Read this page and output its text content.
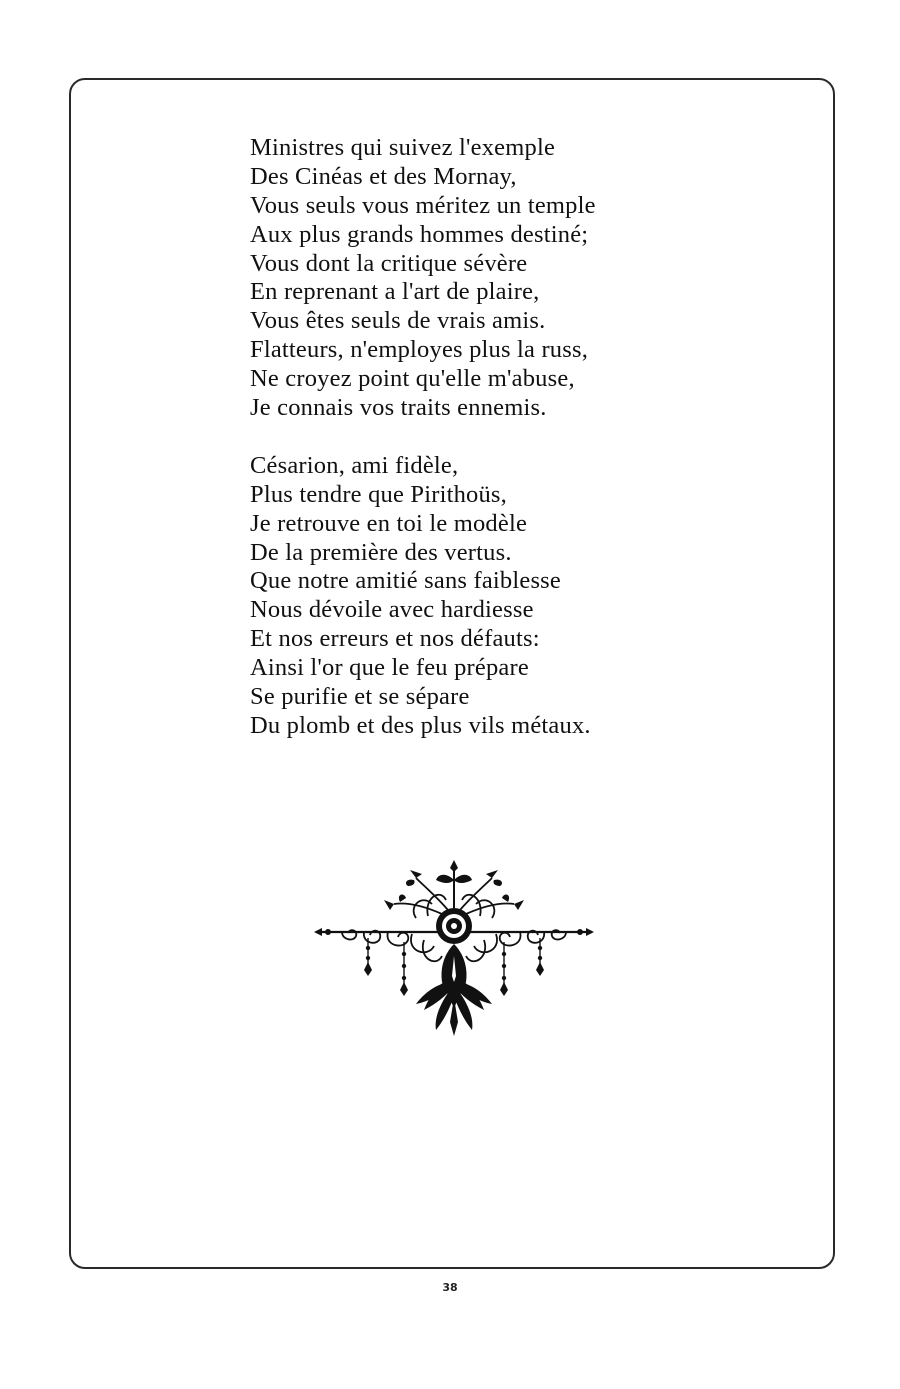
Ministres qui suivez l'exemple
Des Cinéas et des Mornay,
Vous seuls vous méritez un temple
Aux plus grands hommes destiné;
Vous dont la critique sévère
En reprenant a l'art de plaire,
Vous êtes seuls de vrais amis.
Flatteurs, n'employes plus la russ,
Ne croyez point qu'elle m'abuse,
Je connais vos traits ennemis.
Césarion, ami fidèle,
Plus tendre que Pirithoüs,
Je retrouve en toi le modèle
De la première des vertus.
Que notre amitié sans faiblesse
Nous dévoile avec hardiesse
Et nos erreurs et nos défauts:
Ainsi l'or que le feu prépare
Se purifie et se sépare
Du plomb et des plus vils métaux.
38
